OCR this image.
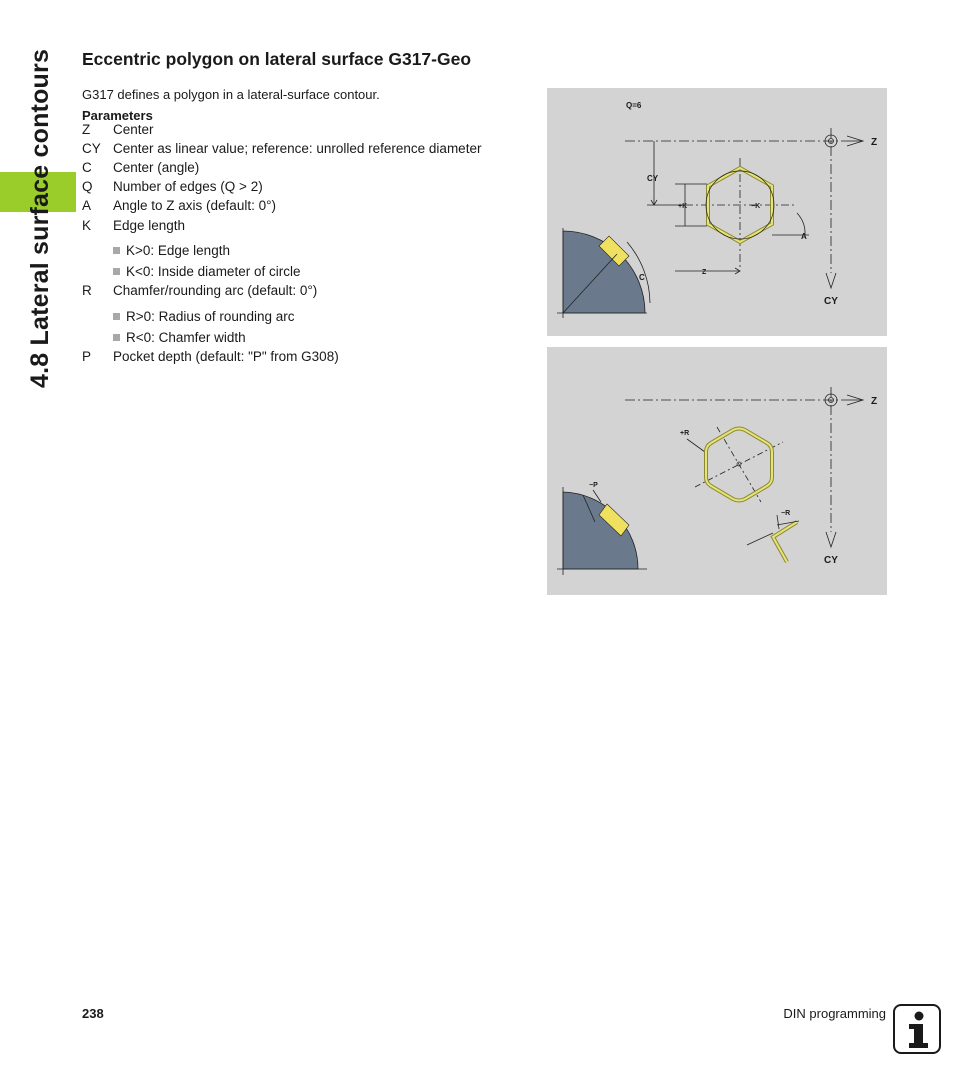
4.8 Lateral surface contours Eccentric polygon on lateral surface G317-Geo
G317 defines a polygon in a lateral-surface contour.
Parameters
Z Center
CY Center as linear value; reference: unrolled reference diameter
C Center (angle)
Q Number of edges (Q > 2)
A Angle to Z axis (default: 0°)
K Edge length
K>0: Edge length
K<0: Inside diameter of circle
R Chamfer/rounding arc (default: 0°)
R>0: Radius of rounding arc
R<0: Chamfer width
P Pocket depth (default: "P" from G308)
Q=6
Z
CY
CY
+K	−K
A
Z
C
Z
CY
+R
−P
−R
238	DIN programming
